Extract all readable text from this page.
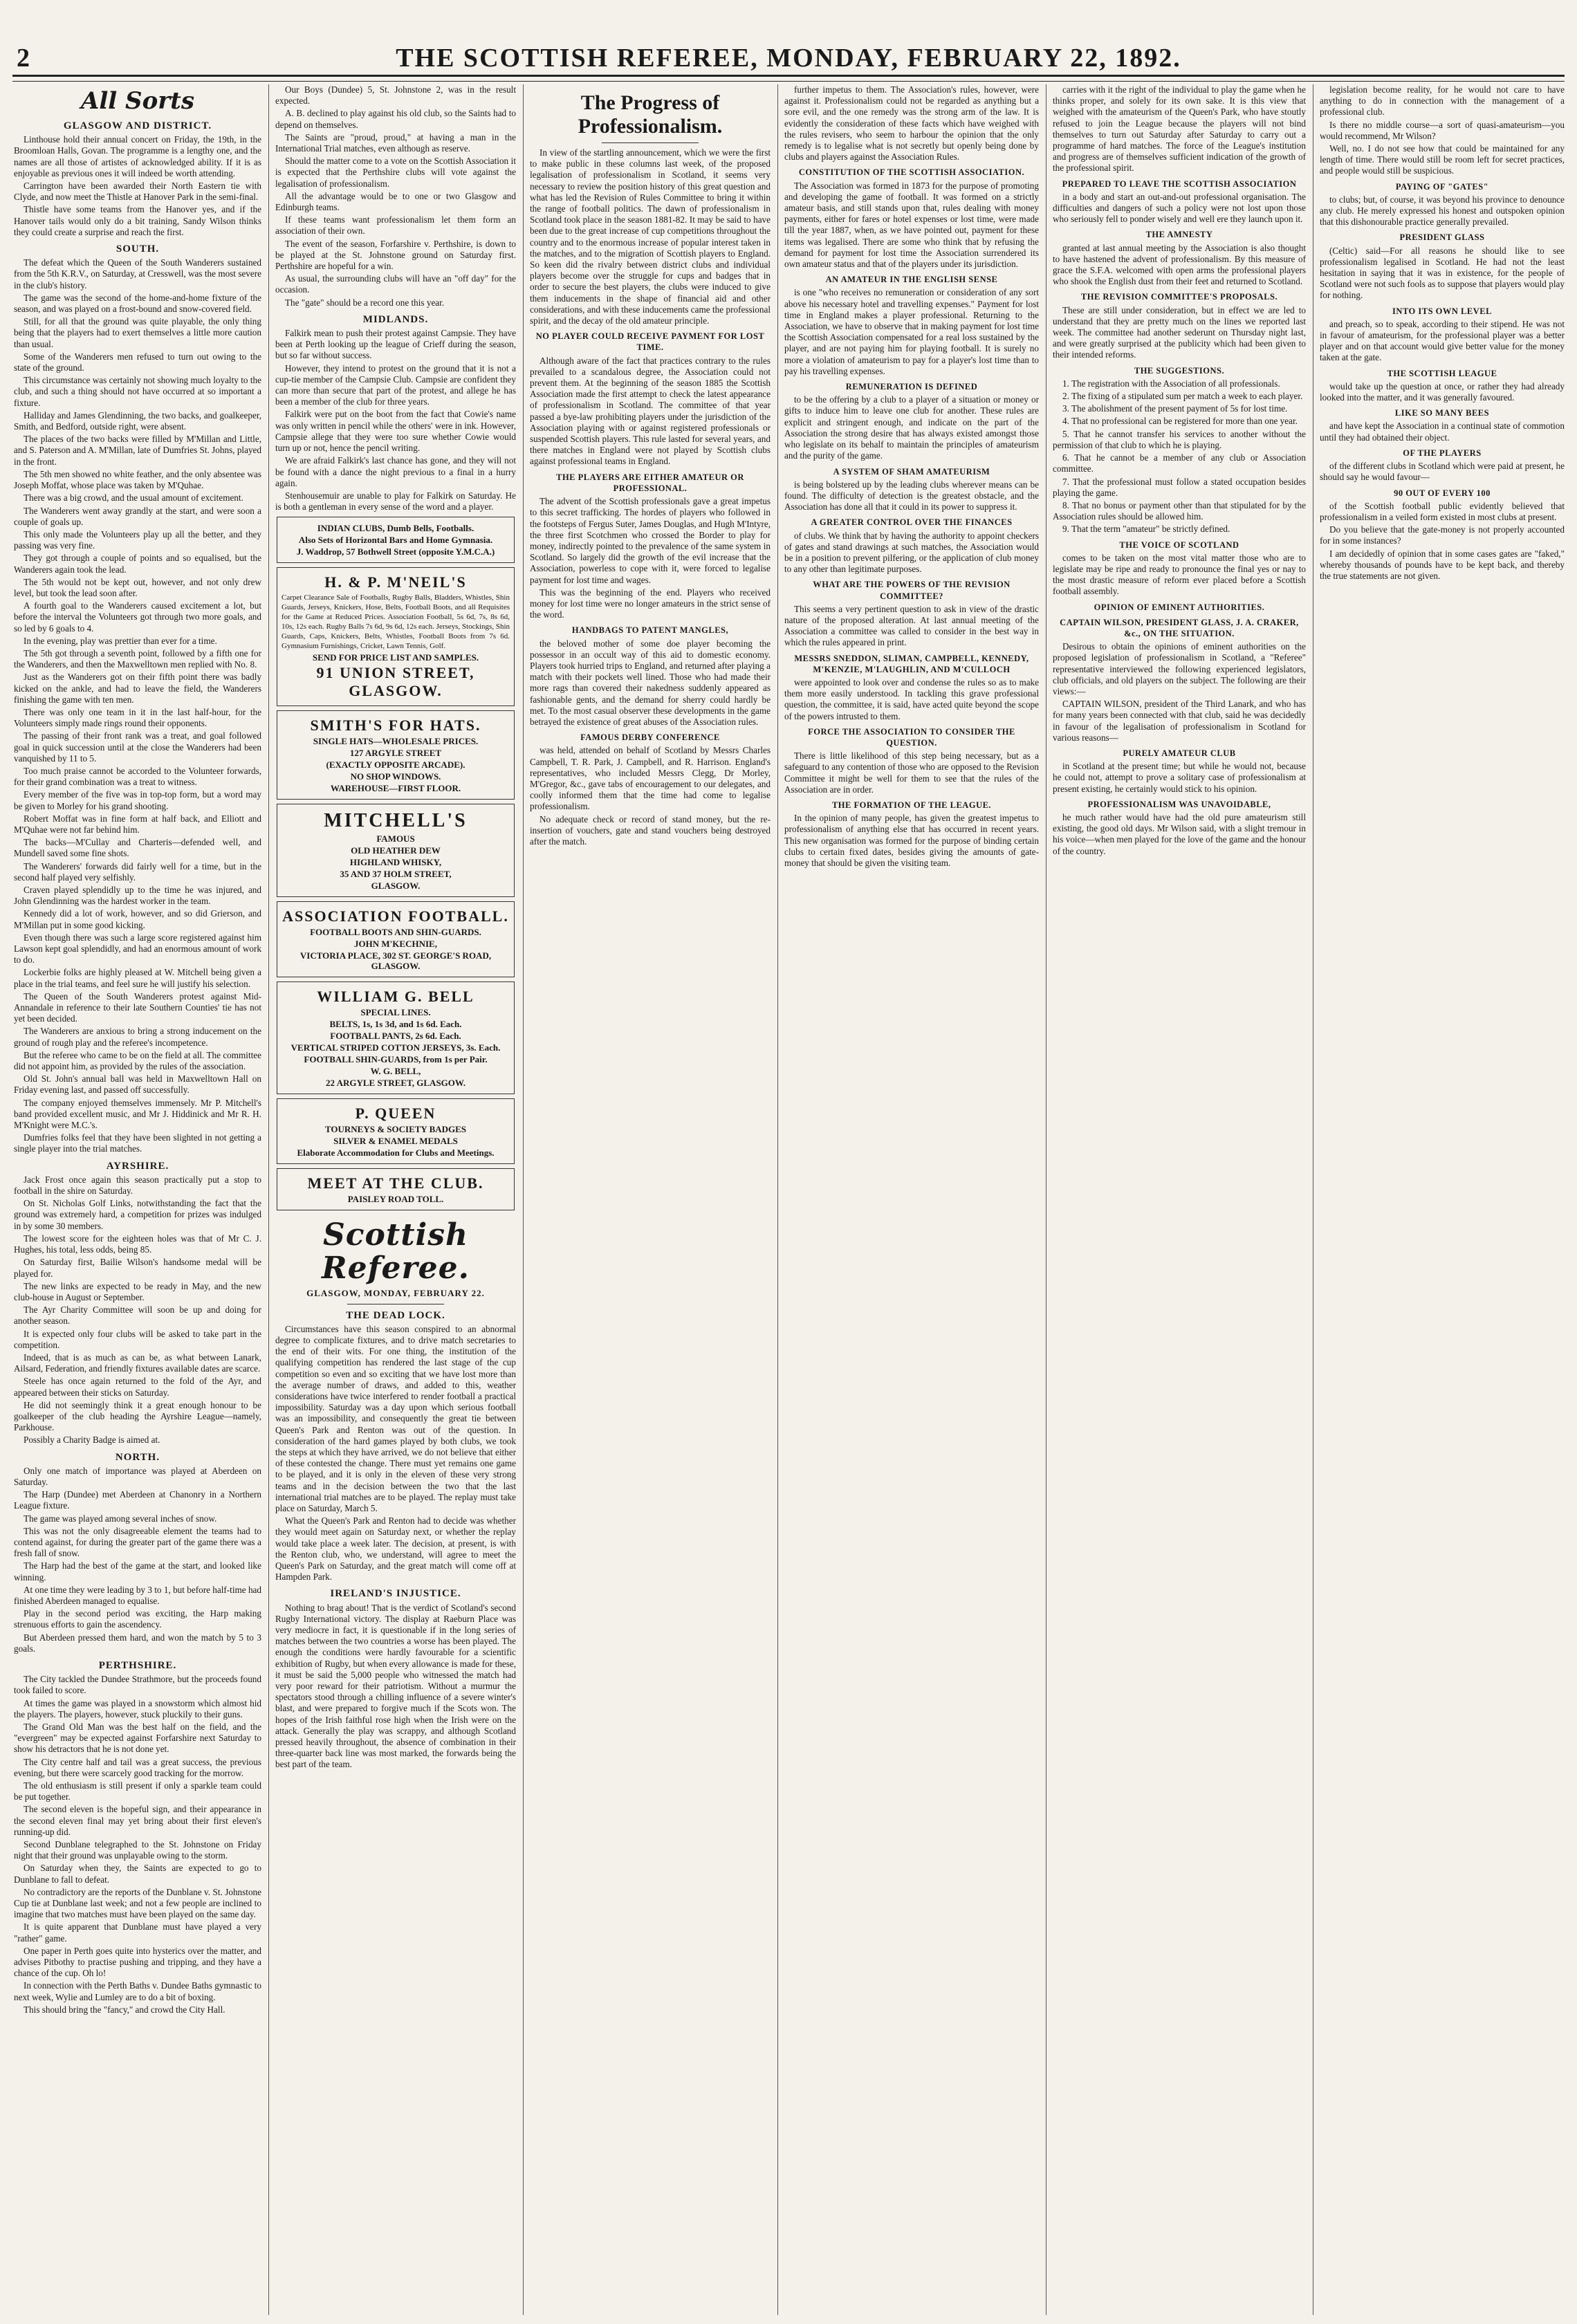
2	THE SCOTTISH REFEREE, MONDAY, FEBRUARY 22, 1892.
All Sorts
GLASGOW AND DISTRICT.

Linthouse hold their annual concert on Friday, the 19th, in the Broomloan Halls, Govan. The programme is a lengthy one, and the names are all those of artistes of acknowledged ability. If it is as enjoyable as previous ones it will indeed be worth attending.

Carrington have been awarded their North Eastern tie with Clyde, and now meet the Thistle at Hanover Park in the semi-final.

Thistle have some teams from the Hanover yes, and if the Hanover tails would only do a bit training, Sandy Wilson thinks they could create a surprise and reach the first.

SOUTH.

The defeat which the Queen of the South Wanderers sustained from the 5th K.R.V., on Saturday, at Cresswell, was the most severe in the club's history.

The game was the second of the home-and-home fixture of the season, and was played on a frost-bound and snow-covered field.

Still, for all that the ground was quite playable, the only thing being that the players had to exert themselves a little more caution than usual.

Some of the Wanderers men refused to turn out owing to the state of the ground.

This circumstance was certainly not showing much loyalty to the club, and such a thing should not have occurred at so important a fixture.

Halliday and James Glendinning, the two backs, and goalkeeper, Smith, and Bedford, outside right, were absent.

The places of the two backs were filled by M'Millan and Little, and S. Paterson and A. M'Millan, late of Dumfries St. Johns, played in the front.

The 5th men showed no white feather, and the only absentee was Joseph Moffat, whose place was taken by M'Quhae.

There was a big crowd, and the usual amount of excitement.

The Wanderers went away grandly at the start, and were soon a couple of goals up.

This only made the Volunteers play up all the better, and they passing was very fine.

They got through a couple of points and so equalised, but the Wanderers again took the lead.

The 5th would not be kept out, however, and not only drew level, but took the lead soon after.

A fourth goal to the Wanderers caused excitement a lot, but before the interval the Volunteers got through two more goals, and so led by 6 goals to 4.

In the evening, play was prettier than ever for a time.

The 5th got through a seventh point, followed by a fifth one for the Wanderers, and then the Maxwelltown men replied with No. 8.

Just as the Wanderers got on their fifth point there was badly kicked on the ankle, and had to leave the field, the Wanderers finishing the game with ten men.

There was only one team in it in the last half-hour, for the Volunteers simply made rings round their opponents.

The passing of their front rank was a treat, and goal followed goal in quick succession until at the close the Wanderers had been vanquished by 11 to 5.

Too much praise cannot be accorded to the Volunteer forwards, for their grand combination was a treat to witness.

Every member of the five was in top-top form, but a word may be given to Morley for his grand shooting.

Robert Moffat was in fine form at half back, and Elliott and M'Quhae were not far behind him.

The backs—M'Cullay and Charteris—defended well, and Mundell saved some fine shots.

The Wanderers' forwards did fairly well for a time, but in the second half played very selfishly.

Craven played splendidly up to the time he was injured, and John Glendinning was the hardest worker in the team.

Kennedy did a lot of work, however, and so did Grierson, and M'Millan put in some good kicking.

Even though there was such a large score registered against him Lawson kept goal splendidly, and had an enormous amount of work to do.

Lockerbie folks are highly pleased at W. Mitchell being given a place in the trial teams, and feel sure he will justify his selection.

The Queen of the South Wanderers protest against Mid-Annandale in reference to their late Southern Counties' tie has not yet been decided.

The Wanderers are anxious to bring a strong inducement on the ground of rough play and the referee's incompetence.

But the referee who came to be on the field at all. The committee did not appoint him, as provided by the rules of the association.

Old St. John's annual ball was held in Maxwelltown Hall on Friday evening last, and passed off successfully.

The company enjoyed themselves immensely. Mr P. Mitchell's band provided excellent music, and Mr J. Hiddinick and Mr R. H. M'Knight were M.C.'s.

Dumfries folks feel that they have been slighted in not getting a single player into the trial matches.

AYRSHIRE.

Jack Frost once again this season practically put a stop to football in the shire on Saturday.

On St. Nicholas Golf Links, notwithstanding the fact that the ground was extremely hard, a competition for prizes was indulged in by some 30 members.

The lowest score for the eighteen holes was that of Mr C. J. Hughes, his total, less odds, being 85.

On Saturday first, Bailie Wilson's handsome medal will be played for.

The new links are expected to be ready in May, and the new club-house in August or September.

The Ayr Charity Committee will soon be up and doing for another season.

It is expected only four clubs will be asked to take part in the competition.

Indeed, that is as much as can be, as what between Lanark, Ailsard, Federation, and friendly fixtures available dates are scarce.

Steele has once again returned to the fold of the Ayr, and appeared between their sticks on Saturday.

He did not seemingly think it a great enough honour to be goalkeeper of the club heading the Ayrshire League—namely, Parkhouse.

Possibly a Charity Badge is aimed at.

NORTH.

Only one match of importance was played at Aberdeen on Saturday.

The Harp (Dundee) met Aberdeen at Chanonry in a Northern League fixture.

The game was played among several inches of snow.

This was not the only disagreeable element the teams had to contend against, for during the greater part of the game there was a fresh fall of snow.

The Harp had the best of the game at the start, and looked like winning.

At one time they were leading by 3 to 1, but before half-time had finished Aberdeen managed to equalise.

Play in the second period was exciting, the Harp making strenuous efforts to gain the ascendency.

But Aberdeen pressed them hard, and won the match by 5 to 3 goals.

PERTHSHIRE.

The City tackled the Dundee Strathmore, but the proceeds found took failed to score.

At times the game was played in a snowstorm which almost hid the players. The players, however, stuck pluckily to their guns.

The Grand Old Man was the best half on the field, and the "evergreen" may be expected against Forfarshire next Saturday to show his detractors that he is not done yet.

The City centre half and tail was a great success, the previous evening, but there were scarcely good tracking for the morrow.

The old enthusiasm is still present if only a sparkle team could be put together.

The second eleven is the hopeful sign, and their appearance in the second eleven final may yet bring about their first eleven's running-up did.

Second Dunblane telegraphed to the St. Johnstone on Friday night that their ground was unplayable owing to the storm.

On Saturday when they, the Saints are expected to go to Dunblane to fall to defeat.

No contradictory are the reports of the Dunblane v. St. Johnstone Cup tie at Dunblane last week; and not a few people are inclined to imagine that two matches must have been played on the same day.

It is quite apparent that Dunblane must have played a very "rather" game.

One paper in Perth goes quite into hysterics over the matter, and advises Pitbothy to practise pushing and tripping, and they have a chance of the cup. Oh lo!

In connection with the Perth Baths v. Dundee Baths gymnastic to next week, Wylie and Lumley are to do a bit of boxing.

This should bring the "fancy," and crowd the City Hall.

Our Boys (Dundee) 5, St. Johnstone 2, was in the result expected.

A. B. declined to play against his old club, so the Saints had to depend on themselves.

The Saints are "proud, proud," at having a man in the International Trial matches, even although as reserve.

Should the matter come to a vote on the Scottish Association it is expected that the Perthshire clubs will vote against the legalisation of professionalism.

All the advantage would be to one or two Glasgow and Edinburgh teams.

If these teams want professionalism let them form an association of their own.

The event of the season, Forfarshire v. Perthshire, is down to be played at the St. Johnstone ground on Saturday first. Perthshire are hopeful for a win.

As usual, the surrounding clubs will have an "off day" for the occasion.

The "gate" should be a record one this year.

MIDLANDS.

Falkirk mean to push their protest against Campsie. They have been at Perth looking up the league of Crieff during the season, but so far without success.

However, they intend to protest on the ground that it is not a cup-tie member of the Campsie Club. Campsie are confident they can more than secure that part of the protest, and allege he has been a member of the club for three years.

Falkirk were put on the boot from the fact that Cowie's name was only written in pencil while the others' were in ink. However, Campsie allege that they were too sure whether Cowie would turn up or not, hence the pencil writing.

We are afraid Falkirk's last chance has gone, and they will not be found with a dance the night previous to a final in a hurry again.

Stenhousemuir are unable to play for Falkirk on Saturday. He is both a gentleman in every sense of the word and a player.

INDIAN CLUBS, Dumb Bells, Footballs.
Also Sets of Horizontal Bars and Home Gymnasia.
J. Waddrop, 57 Bothwell Street (opposite Y.M.C.A.)
H. & P. M'NEIL'S
Carpet Clearance Sale of Footballs, Rugby Balls, Bladders, Whistles, Shin Guards, Jerseys, Knickers, Hose, Belts, Football Boots, and all Requisites for the Game at Reduced Prices. Association Football, 5s 6d, 7s, 8s 6d, 10s, 12s each. Rugby Balls 7s 6d, 9s 6d, 12s each. Jerseys, Stockings, Shin Guards, Caps, Knickers, Belts, Whistles, Football Boots from 7s 6d. Gymnasium Furnishings, Cricket, Lawn Tennis, Golf.
SEND FOR PRICE LIST AND SAMPLES.
91 UNION STREET, GLASGOW.
SMITH'S FOR HATS.
SINGLE HATS—WHOLESALE PRICES.
127 ARGYLE STREET
(EXACTLY OPPOSITE ARCADE).
NO SHOP WINDOWS.
WAREHOUSE—FIRST FLOOR.
MITCHELL'S
FAMOUS
OLD HEATHER DEW
HIGHLAND WHISKY,
35 AND 37 HOLM STREET,
GLASGOW.
ASSOCIATION FOOTBALL.
FOOTBALL BOOTS AND SHIN-GUARDS.
JOHN M'KECHNIE,
VICTORIA PLACE, 302 ST. GEORGE'S ROAD, GLASGOW.
WILLIAM G. BELL
SPECIAL LINES.
BELTS, 1s, 1s 3d, and 1s 6d. Each.
FOOTBALL PANTS, 2s 6d. Each.
VERTICAL STRIPED COTTON JERSEYS, 3s. Each.
FOOTBALL SHIN-GUARDS, from 1s per Pair.
W. G. BELL,
22 ARGYLE STREET, GLASGOW.
P. QUEEN
TOURNEYS & SOCIETY BADGES
SILVER & ENAMEL MEDALS
Elaborate Accommodation for Clubs and Meetings.
MEET AT THE CLUB.
PAISLEY ROAD TOLL.
Scottish Referee.
GLASGOW, MONDAY, FEBRUARY 22.
THE DEAD LOCK.

Circumstances have this season conspired to an abnormal degree to complicate fixtures, and to drive match secretaries to the end of their wits. For one thing, the institution of the qualifying competition has rendered the last stage of the cup competition so even and so exciting that we have lost more than the average number of draws, and added to this, weather considerations have twice interfered to render football a practical impossibility. Saturday was a day upon which serious football was an impossibility, and consequently the great tie between Queen's Park and Renton was out of the question. In consideration of the hard games played by both clubs, we took the steps at which they have arrived, we do not believe that either of these contested the change. There must yet remains one game to be played, and it is only in the eleven of these very strong teams and in the decision between the two that the last international trial matches are to be played. The replay must take place on Saturday, March 5.

What the Queen's Park and Renton had to decide was whether they would meet again on Saturday next, or whether the replay would take place a week later. The decision, at present, is with the Renton club, who, we understand, will agree to meet the Queen's Park on Saturday, and the great match will come off at Hampden Park.

IRELAND'S INJUSTICE.

Nothing to brag about! That is the verdict of Scotland's second Rugby International victory. The display at Raeburn Place was very mediocre in fact, it is questionable if in the long series of matches between the two countries a worse has been played. The enough the conditions were hardly favourable for a scientific exhibition of Rugby, but when every allowance is made for these, it must be said the 5,000 people who witnessed the match had very poor reward for their patriotism. Without a murmur the spectators stood through a chilling influence of a severe winter's blast, and were prepared to forgive much if the Scots won. The hopes of the Irish faithful rose high when the Irish were on the attack. Generally the play was scrappy, and although Scotland pressed heavily throughout, the absence of combination in their three-quarter back line was most marked, the forwards being the best part of the team.

The Progress of Professionalism.

In view of the startling announcement, which we were the first to make public in these columns last week, of the proposed legalisation of professionalism in Scotland, it seems very necessary to review the position history of this great question and what has led the Revision of Rules Committee to bring it within the range of football politics. The dawn of professionalism in Scotland took place in the season 1881-82. It may be said to have been due to the great increase of cup competitions throughout the country and to the enormous increase of popular interest taken in the matches, and to the migration of Scottish players to England. So keen did the rivalry between district clubs and individual players become over the struggle for cups and badges that in order to secure the best players, the clubs were induced to give them inducements in the shape of financial aid and other considerations, and with these inducements came the professional spirit, and the decay of the old amateur principle.

NO PLAYER COULD RECEIVE PAYMENT FOR LOST TIME.

Although aware of the fact that practices contrary to the rules prevailed to a scandalous degree, the Association could not prevent them. At the beginning of the season 1885 the Scottish Association made the first attempt to check the latest appearance of professionalism in Scotland. The committee of that year passed a bye-law prohibiting players under the jurisdiction of the Association playing with or against registered professionals or suspended Scottish players. This rule lasted for several years, and there matches in England were not played by Scottish clubs against professional teams in England.

THE PLAYERS ARE EITHER AMATEUR OR PROFESSIONAL.

The advent of the Scottish professionals gave a great impetus to this secret trafficking. The hordes of players who followed in the footsteps of Fergus Suter, James Douglas, and Hugh M'Intyre, the three first Scotchmen who crossed the Border to play for money, indirectly pointed to the prevalence of the same system in Scotland. So largely did the growth of the evil increase that the Association, powerless to cope with it, were forced to legalise payment for lost time and wages.

This was the beginning of the end. Players who received money for lost time were no longer amateurs in the strict sense of the word.

HANDBAGS TO PATENT MANGLES,

the beloved mother of some doe player becoming the possessor in an occult way of this aid to domestic economy. Players took hurried trips to England, and returned after playing a match with their pockets well lined. Those who had made their more rags than covered their nakedness suddenly appeared as fashionable gents, and the demand for sherry could hardly be met. To the most casual observer these developments in the game betrayed the existence of great abuses of the Association rules.

FAMOUS DERBY CONFERENCE

was held, attended on behalf of Scotland by Messrs Charles Campbell, T. R. Park, J. Campbell, and R. Harrison. England's representatives, who included Messrs Clegg, Dr Morley, M'Gregor, &c., gave tabs of encouragement to our delegates, and coolly informed them that the time had come to legalise professionalism.

No adequate check or record of stand money, but the re-insertion of vouchers, gate and stand vouchers being destroyed after the match.

further impetus to them. The Association's rules, however, were against it. Professionalism could not be regarded as anything but a sore evil, and the one remedy was the strong arm of the law. It is evidently the consideration of these facts which have weighed with the rules revisers, who seem to harbour the opinion that the only remedy is to legalise what is not secretly but openly being done by clubs and players against the Association Rules.

CONSTITUTION OF THE SCOTTISH ASSOCIATION.

The Association was formed in 1873 for the purpose of promoting and developing the game of football. It was formed on a strictly amateur basis, and still stands upon that, rules dealing with money payments, either for fares or hotel expenses or lost time, were made till the year 1887, when, as we have pointed out, payment for these items was legalised. There are some who think that by refusing the demand for payment for lost time the Association surrendered its own amateur status and that of the players under its jurisdiction.

AN AMATEUR IN THE ENGLISH SENSE

is one "who receives no remuneration or consideration of any sort above his necessary hotel and travelling expenses." Payment for lost time in England makes a player professional. Returning to the Association, we have to observe that in making payment for lost time the Scottish Association compensated for a real loss sustained by the player, and are not paying him for playing football. It is surely no more a violation of amateurism to pay for a player's lost time than to pay his travelling expenses.

REMUNERATION IS DEFINED

to be the offering by a club to a player of a situation or money or gifts to induce him to leave one club for another. These rules are explicit and stringent enough, and indicate on the part of the Association the strong desire that has always existed amongst those who legislate on its behalf to maintain the principles of amateurism and the purity of the game.

A SYSTEM OF SHAM AMATEURISM

is being bolstered up by the leading clubs wherever means can be found. The difficulty of detection is the greatest obstacle, and the Association has done all that it could in its power to suppress it.

A GREATER CONTROL OVER THE FINANCES

of clubs. We think that by having the authority to appoint checkers of gates and stand drawings at such matches, the Association would be in a position to prevent pilfering, or the application of club money to any other than legitimate purposes.

WHAT ARE THE POWERS OF THE REVISION COMMITTEE?

This seems a very pertinent question to ask in view of the drastic nature of the proposed alteration. At last annual meeting of the Association a committee was called to consider in the best way in which the rules appeared in print.

MESSRS SNEDDON, SLIMAN, CAMPBELL, KENNEDY, M'KENZIE, M'LAUGHLIN, AND M'CULLOCH

were appointed to look over and condense the rules so as to make them more easily understood. In tackling this grave professional question, the committee, it is said, have acted quite beyond the scope of the powers intrusted to them.

FORCE THE ASSOCIATION TO CONSIDER THE QUESTION.

There is little likelihood of this step being necessary, but as a safeguard to any contention of those who are opposed to the Revision Committee it might be well for them to see that the rules of the Association are in order.

THE FORMATION OF THE LEAGUE.

In the opinion of many people, has given the greatest impetus to professionalism of anything else that has occurred in recent years. This new organisation was formed for the purpose of binding certain clubs to certain fixed dates, besides giving the amounts of gate-money that should be given the visiting team.

carries with it the right of the individual to play the game when he thinks proper, and solely for its own sake. It is this view that weighed with the amateurism of the Queen's Park, who have stoutly refused to join the League because the players will not bind themselves to turn out Saturday after Saturday to carry out a programme of hard matches. The force of the League's institution and progress are of themselves sufficient indication of the growth of the professional spirit.

PREPARED TO LEAVE THE SCOTTISH ASSOCIATION

in a body and start an out-and-out professional organisation. The difficulties and dangers of such a policy were not lost upon those who seriously fell to ponder wisely and well ere they launch upon it.

THE AMNESTY

granted at last annual meeting by the Association is also thought to have hastened the advent of professionalism. By this measure of grace the S.F.A. welcomed with open arms the professional players who shook the English dust from their feet and returned to Scotland.

THE REVISION COMMITTEE'S PROPOSALS.

These are still under consideration, but in effect we are led to understand that they are pretty much on the lines we reported last week. The committee had another sederunt on Thursday night last, and were greatly surprised at the publicity which had been given to their intended reforms.

THE SUGGESTIONS.

1. The registration with the Association of all professionals.

2. The fixing of a stipulated sum per match a week to each player.

3. The abolishment of the present payment of 5s for lost time.

4. That no professional can be registered for more than one year.

5. That he cannot transfer his services to another without the permission of that club to which he is playing.

6. That he cannot be a member of any club or Association committee.

7. That the professional must follow a stated occupation besides playing the game.

8. That no bonus or payment other than that stipulated for by the Association rules should be allowed him.

9. That the term "amateur" be strictly defined.

THE VOICE OF SCOTLAND

comes to be taken on the most vital matter those who are to legislate may be ripe and ready to pronounce the final yes or nay to the most drastic measure of reform ever placed before a Scottish football assembly.

OPINION OF EMINENT AUTHORITIES.
CAPTAIN WILSON, PRESIDENT GLASS, J. A. CRAKER, &c., ON THE SITUATION.

Desirous to obtain the opinions of eminent authorities on the proposed legislation of professionalism in Scotland, a "Referee" representative interviewed the following experienced legislators, club officials, and old players on the subject. The following are their views:—

CAPTAIN WILSON, president of the Third Lanark, and who has for many years been connected with that club, said he was decidedly in favour of the legalisation of professionalism in Scotland for various reasons—

PURELY AMATEUR CLUB

in Scotland at the present time; but while he would not, because he could not, attempt to prove a solitary case of professionalism at present existing, he certainly would stick to his opinion.

PROFESSIONALISM WAS UNAVOIDABLE,

he much rather would have had the old pure amateurism still existing, the good old days. Mr Wilson said, with a slight tremour in his voice—when men played for the love of the game and the honour of the country.

legislation become reality, for he would not care to have anything to do in connection with the management of a professional club.

Is there no middle course—a sort of quasi-amateurism—you would recommend, Mr Wilson?

Well, no. I do not see how that could be maintained for any length of time. There would still be room left for secret practices, and people would still be suspicious.

PAYING OF "GATES"

to clubs; but, of course, it was beyond his province to denounce any club. He merely expressed his honest and outspoken opinion that this dishonourable practice generally prevailed.

PRESIDENT GLASS

(Celtic) said—For all reasons he should like to see professionalism legalised in Scotland. He had not the least hesitation in saying that it was in existence, for the people of Scotland were not such fools as to suppose that players would play for nothing.

INTO ITS OWN LEVEL

and preach, so to speak, according to their stipend. He was not in favour of amateurism, for the professional player was a better player and on that account would give better value for the money taken at the gate.

THE SCOTTISH LEAGUE

would take up the question at once, or rather they had already looked into the matter, and it was generally favoured.

LIKE SO MANY BEES

and have kept the Association in a continual state of commotion until they had obtained their object.

OF THE PLAYERS

of the different clubs in Scotland which were paid at present, he should say he would favour—

90 OUT OF EVERY 100

of the Scottish football public evidently believed that professionalism in a veiled form existed in most clubs at present.

Do you believe that the gate-money is not properly accounted for in some instances?

I am decidedly of opinion that in some cases gates are "faked," whereby thousands of pounds have to be kept back, and thereby the true statements are not given.
